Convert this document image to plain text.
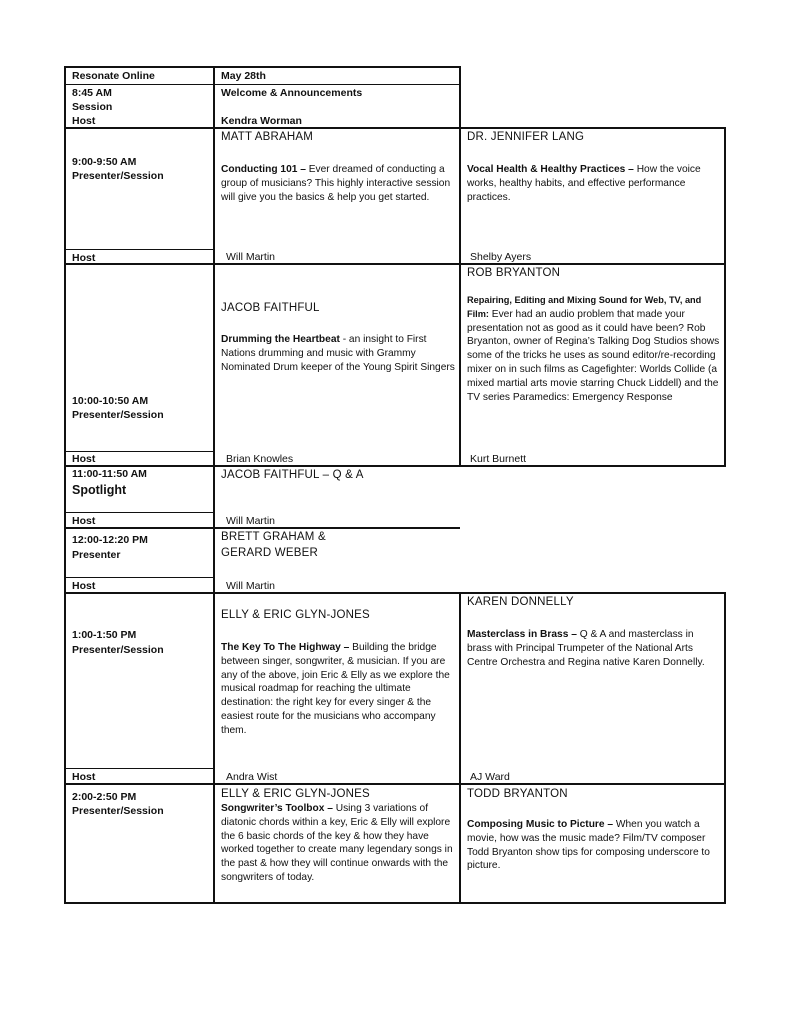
Resonate Online	May 28th
8:45 AM
Session
Host
Welcome & Announcements
Kendra Worman
9:00-9:50 AM
Presenter/Session
Host
MATT ABRAHAM
Conducting 101 – Ever dreamed of conducting a group of musicians? This highly interactive session will give you the basics & help you get started.
Will Martin
DR. JENNIFER LANG
Vocal Health & Healthy Practices – How the voice works, healthy habits, and effective performance practices.
Shelby Ayers
10:00-10:50 AM
Presenter/Session
Host
JACOB FAITHFUL
Drumming the Heartbeat - an insight to First Nations drumming and music with Grammy Nominated Drum keeper of the Young Spirit Singers
Brian Knowles
ROB BRYANTON
Repairing, Editing and Mixing Sound for Web, TV, and Film: Ever had an audio problem that made your presentation not as good as it could have been? Rob Bryanton, owner of Regina’s Talking Dog Studios shows some of the tricks he uses as sound editor/re-recording mixer on in such films as Cagefighter: Worlds Collide (a mixed martial arts movie starring Chuck Liddell) and the TV series Paramedics: Emergency Response
Kurt Burnett
11:00-11:50 AM
Spotlight
Host
JACOB FAITHFUL – Q & A
Will Martin
12:00-12:20 PM
Presenter
Host
BRETT GRAHAM &
GERARD WEBER
Will Martin
1:00-1:50 PM
Presenter/Session
Host
ELLY & ERIC GLYN-JONES
The Key To The Highway – Building the bridge between singer, songwriter, & musician. If you are any of the above, join Eric & Elly as we explore the musical roadmap for reaching the ultimate destination: the right key for every singer & the easiest route for the musicians who accompany them.
Andra Wist
KAREN DONNELLY
Masterclass in Brass – Q & A and masterclass in brass with Principal Trumpeter of the National Arts Centre Orchestra and Regina native Karen Donnelly.
AJ Ward
2:00-2:50 PM
Presenter/Session
ELLY & ERIC GLYN-JONES
Songwriter’s Toolbox – Using 3 variations of diatonic chords within a key, Eric & Elly will explore the 6 basic chords of the key & how they have worked together to create many legendary songs in the past & how they will continue onwards with the songwriters of today.
TODD BRYANTON
Composing Music to Picture – When you watch a movie, how was the music made? Film/TV composer Todd Bryanton show tips for composing underscore to picture.
